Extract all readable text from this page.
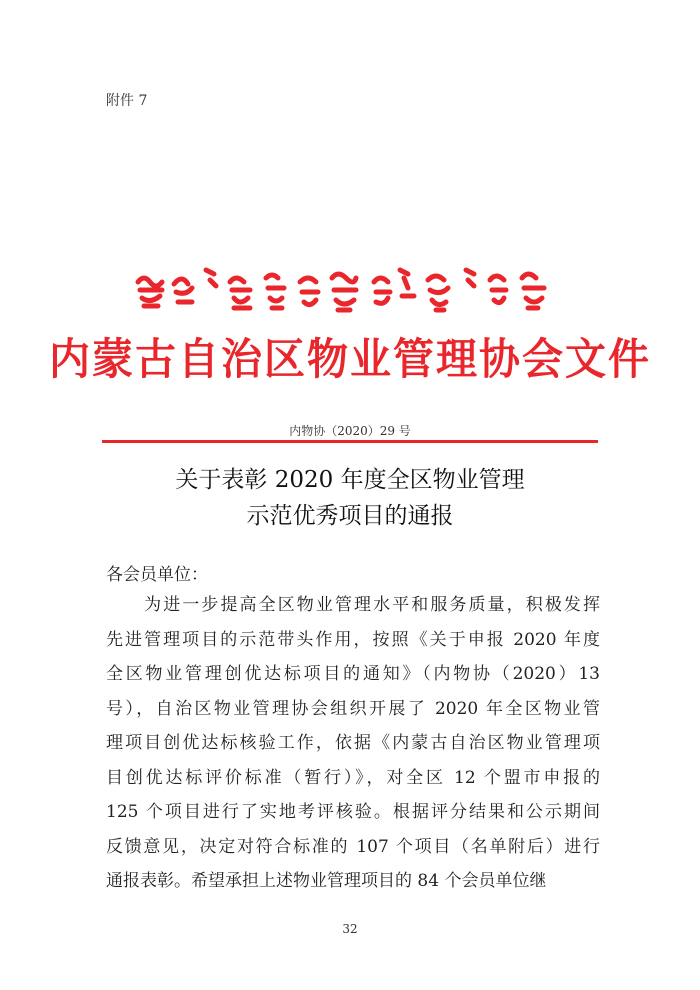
附件 7
内蒙古自治区物业管理协会文件
内物协（2020）29 号
关于表彰 2020 年度全区物业管理
示范优秀项目的通报
各会员单位：
　　为进一步提高全区物业管理水平和服务质量，积极发挥
先进管理项目的示范带头作用，按照《关于申报 2020 年度
全区物业管理创优达标项目的通知》（内物协（2020）13
号），自治区物业管理协会组织开展了 2020 年全区物业管
理项目创优达标核验工作，依据《内蒙古自治区物业管理项
目创优达标评价标准（暂行）》，对全区 12 个盟市申报的
125 个项目进行了实地考评核验。根据评分结果和公示期间
反馈意见，决定对符合标准的 107 个项目（名单附后）进行
通报表彰。希望承担上述物业管理项目的 84 个会员单位继
32
